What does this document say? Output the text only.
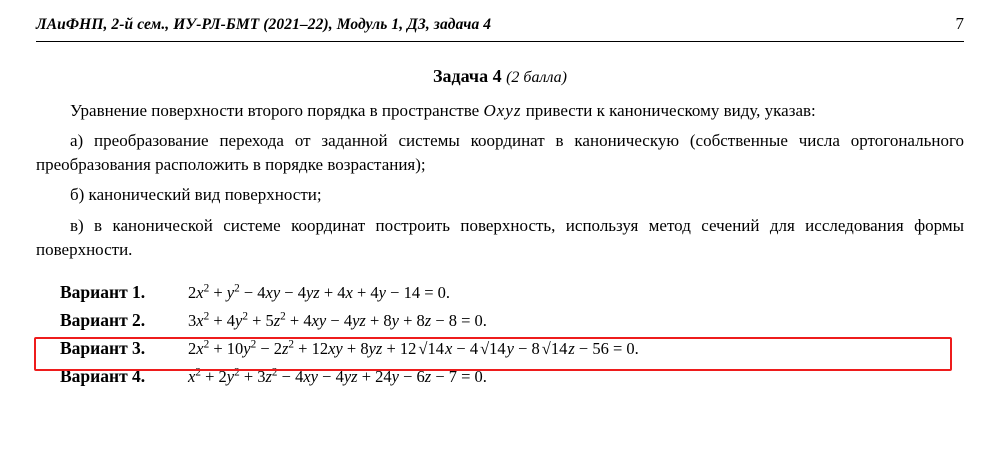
ЛАиФНП, 2-й сем., ИУ-РЛ-БМТ (2021–22), Модуль 1, ДЗ, задача 4	7
Задача 4 (2 балла)

Уравнение поверхности второго порядка в пространстве Oxyz привести к каноническому виду, указав:

а) преобразование перехода от заданной системы координат в каноническую (собственные числа ортогонального преобразования расположить в порядке возрастания);

б) канонический вид поверхности;

в) в канонической системе координат построить поверхность, используя метод сечений для исследования формы поверхности.

Вариант 1.	$2x^2 + y^2 - 4xy - 4yz + 4x + 4y - 14 = 0$.
Вариант 2.	$3x^2 + 4y^2 + 5z^2 + 4xy - 4yz + 8y + 8z - 8 = 0$.
Вариант 3.	$2x^2 + 10y^2 - 2z^2 + 12xy + 8yz + 12$ √14x − 4 √14y − 8 √14z − 56 = 0.
Вариант 4.	$x^2 + 2y^2 + 3z^2 - 4xy - 4yz + 24y - 6z - 7 = 0$.
